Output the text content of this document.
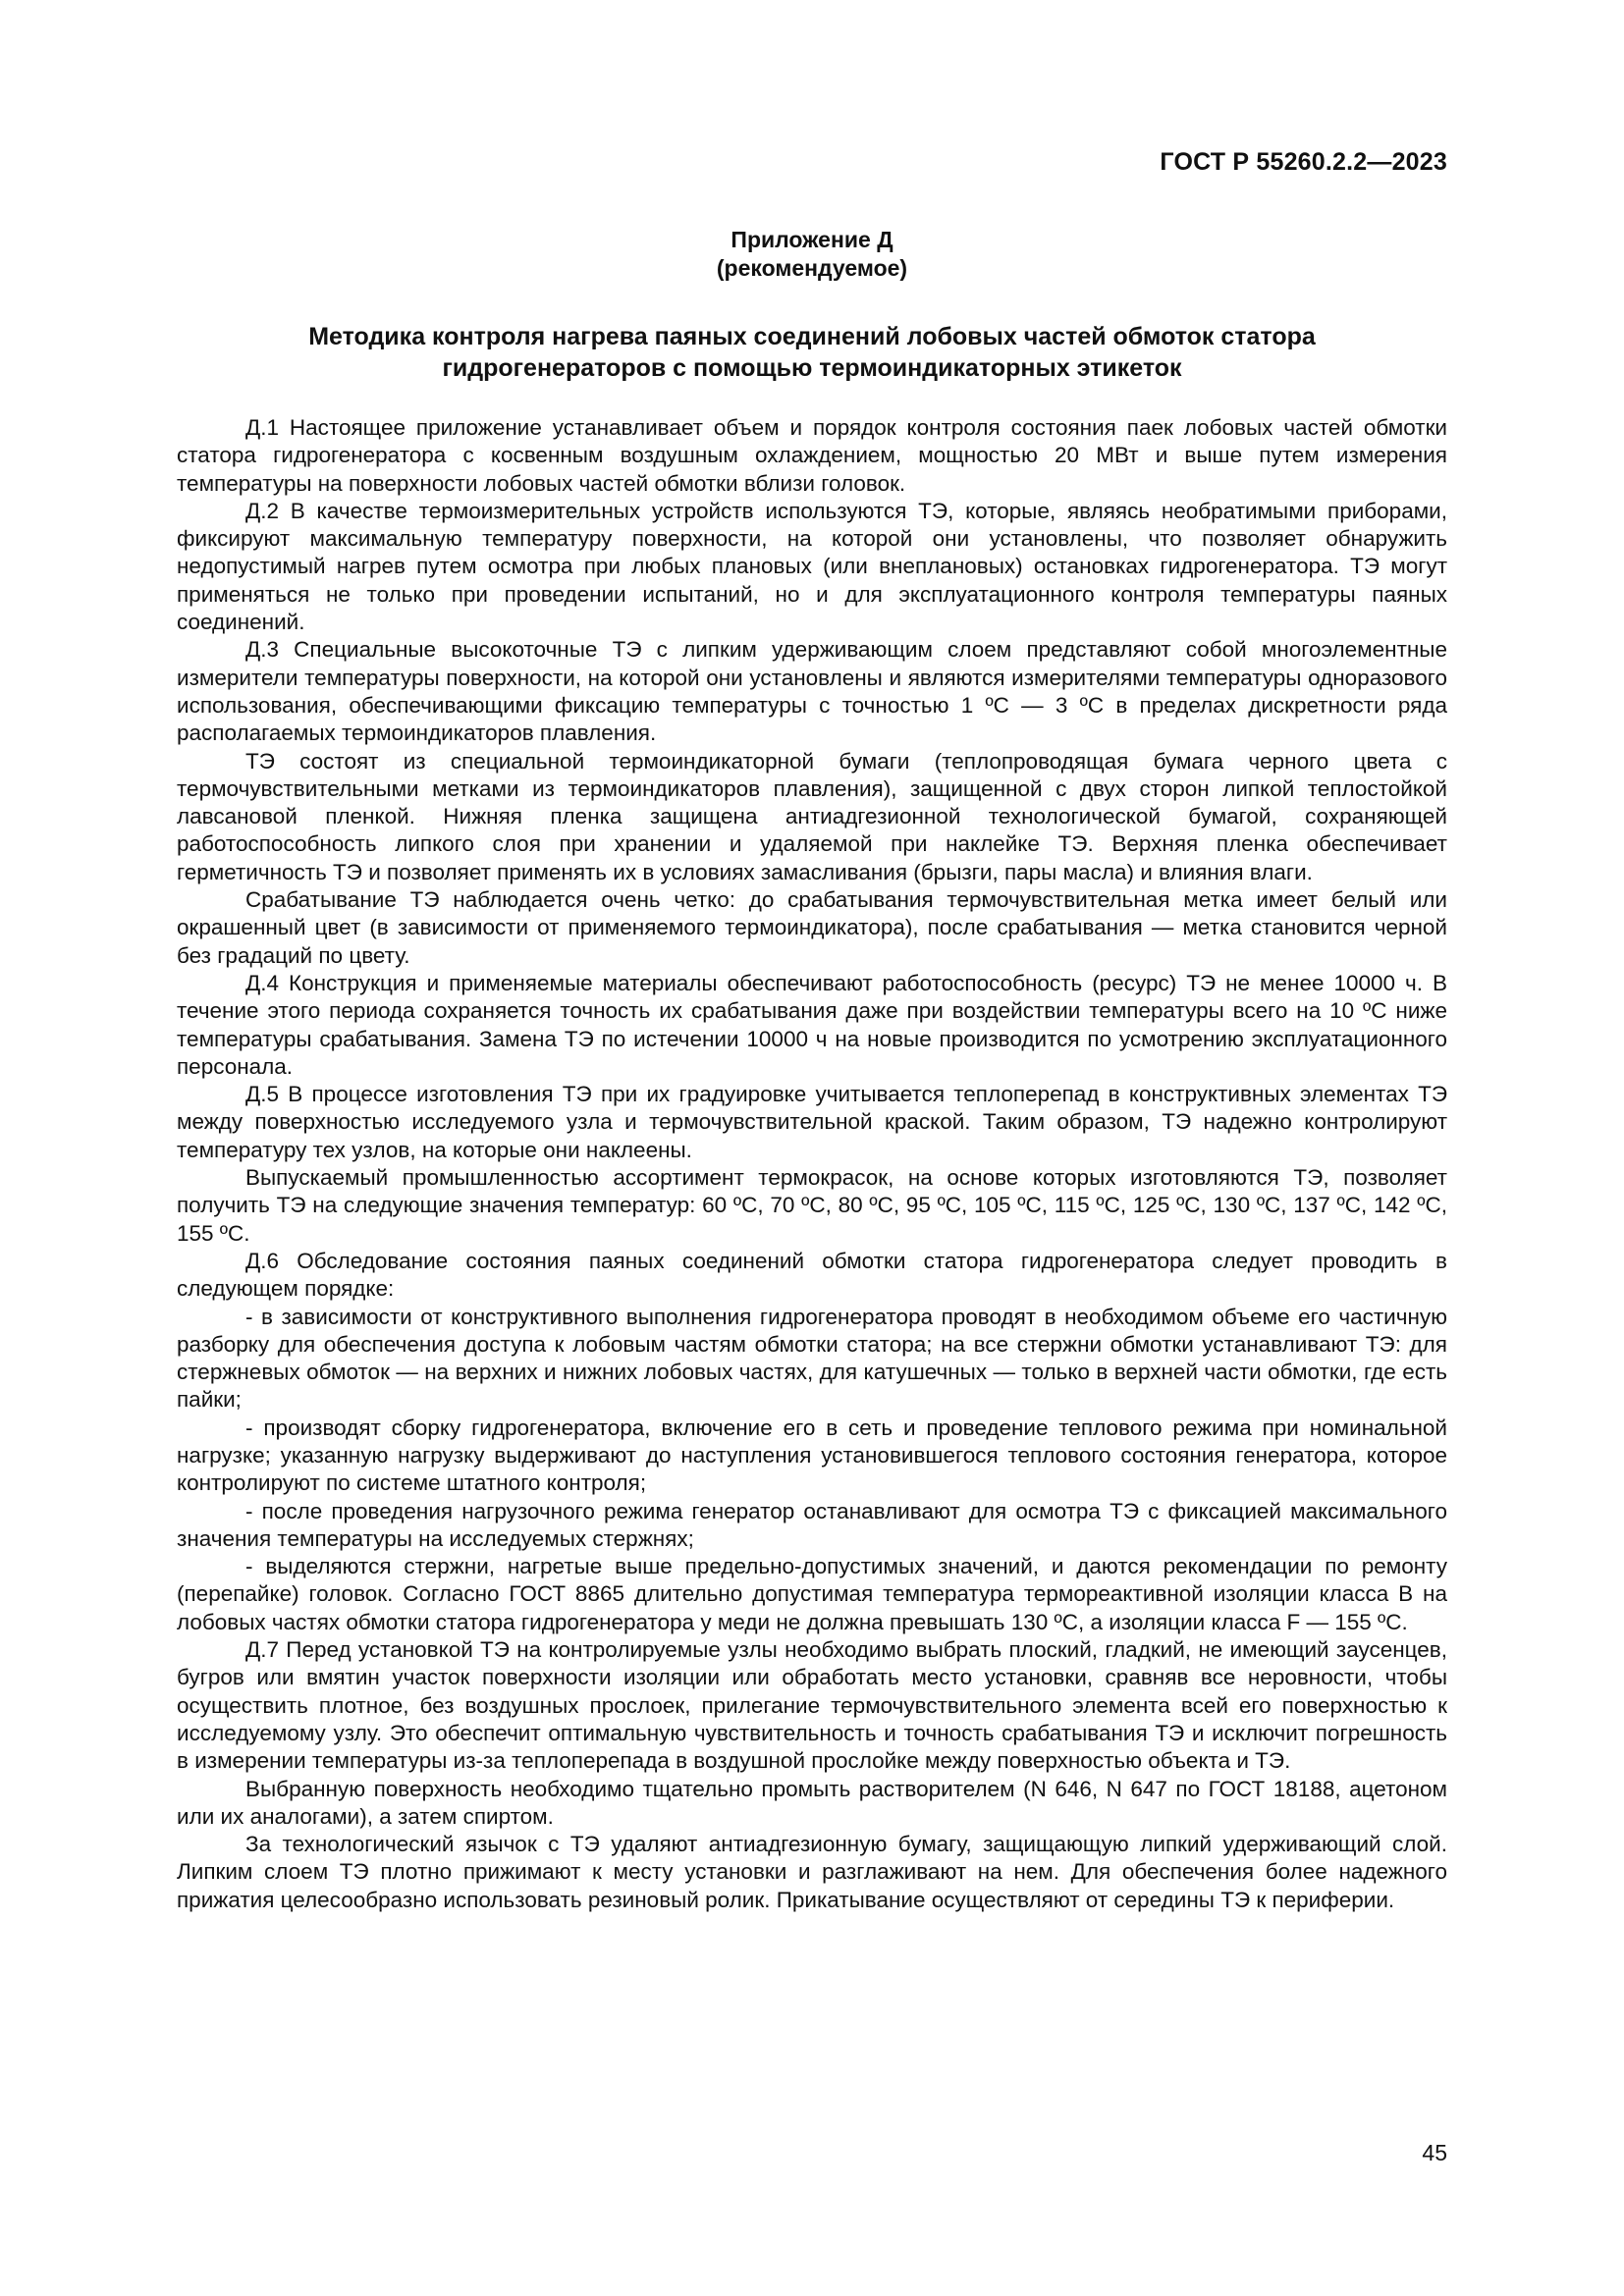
ГОСТ Р 55260.2.2—2023
Приложение Д
(рекомендуемое)
Методика контроля нагрева паяных соединений лобовых частей обмоток статора
гидрогенераторов с помощью термоиндикаторных этикеток

Д.1 Настоящее приложение устанавливает объем и порядок контроля состояния паек лобовых частей обмотки статора гидрогенератора с косвенным воздушным охлаждением, мощностью 20 МВт и выше путем измерения температуры на поверхности лобовых частей обмотки вблизи головок.

Д.2 В качестве термоизмерительных устройств используются ТЭ, которые, являясь необратимыми приборами, фиксируют максимальную температуру поверхности, на которой они установлены, что позволяет обнаружить недопустимый нагрев путем осмотра при любых плановых (или внеплановых) остановках гидрогенератора. ТЭ могут применяться не только при проведении испытаний, но и для эксплуатационного контроля температуры паяных соединений.

Д.3 Специальные высокоточные ТЭ с липким удерживающим слоем представляют собой многоэлементные измерители температуры поверхности, на которой они установлены и являются измерителями температуры одноразового использования, обеспечивающими фиксацию температуры с точностью 1 ºС — 3 ºС в пределах дискретности ряда располагаемых термоиндикаторов плавления.

ТЭ состоят из специальной термоиндикаторной бумаги (теплопроводящая бумага черного цвета с термочувствительными метками из термоиндикаторов плавления), защищенной с двух сторон липкой теплостойкой лавсановой пленкой. Нижняя пленка защищена антиадгезионной технологической бумагой, сохраняющей работоспособность липкого слоя при хранении и удаляемой при наклейке ТЭ. Верхняя пленка обеспечивает герметичность ТЭ и позволяет применять их в условиях замасливания (брызги, пары масла) и влияния влаги.

Срабатывание ТЭ наблюдается очень четко: до срабатывания термочувствительная метка имеет белый или окрашенный цвет (в зависимости от применяемого термоиндикатора), после срабатывания — метка становится черной без градаций по цвету.

Д.4 Конструкция и применяемые материалы обеспечивают работоспособность (ресурс) ТЭ не менее 10000 ч. В течение этого периода сохраняется точность их срабатывания даже при воздействии температуры всего на 10 ºС ниже температуры срабатывания. Замена ТЭ по истечении 10000 ч на новые производится по усмотрению эксплуатационного персонала.

Д.5 В процессе изготовления ТЭ при их градуировке учитывается теплоперепад в конструктивных элементах ТЭ между поверхностью исследуемого узла и термочувствительной краской. Таким образом, ТЭ надежно контролируют температуру тех узлов, на которые они наклеены.

Выпускаемый промышленностью ассортимент термокрасок, на основе которых изготовляются ТЭ, позволяет получить ТЭ на следующие значения температур: 60 ºС, 70 ºС, 80 ºС, 95 ºС, 105 ºС, 115 ºС, 125 ºС, 130 ºС, 137 ºС, 142 ºС, 155 ºС.

Д.6 Обследование состояния паяных соединений обмотки статора гидрогенератора следует проводить в следующем порядке:

- в зависимости от конструктивного выполнения гидрогенератора проводят в необходимом объеме его частичную разборку для обеспечения доступа к лобовым частям обмотки статора; на все стержни обмотки устанавливают ТЭ: для стержневых обмоток — на верхних и нижних лобовых частях, для катушечных — только в верхней части обмотки, где есть пайки;

- производят сборку гидрогенератора, включение его в сеть и проведение теплового режима при номинальной нагрузке; указанную нагрузку выдерживают до наступления установившегося теплового состояния генератора, которое контролируют по системе штатного контроля;

- после проведения нагрузочного режима генератор останавливают для осмотра ТЭ с фиксацией максимального значения температуры на исследуемых стержнях;

- выделяются стержни, нагретые выше предельно-допустимых значений, и даются рекомендации по ремонту (перепайке) головок. Согласно ГОСТ 8865 длительно допустимая температура термореактивной изоляции класса В на лобовых частях обмотки статора гидрогенератора у меди не должна превышать 130 ºС, а изоляции класса F — 155 ºС.

Д.7 Перед установкой ТЭ на контролируемые узлы необходимо выбрать плоский, гладкий, не имеющий заусенцев, бугров или вмятин участок поверхности изоляции или обработать место установки, сравняв все неровности, чтобы осуществить плотное, без воздушных прослоек, прилегание термочувствительного элемента всей его поверхностью к исследуемому узлу. Это обеспечит оптимальную чувствительность и точность срабатывания ТЭ и исключит погрешность в измерении температуры из-за теплоперепада в воздушной прослойке между поверхностью объекта и ТЭ.

Выбранную поверхность необходимо тщательно промыть растворителем (N 646, N 647 по ГОСТ 18188, ацетоном или их аналогами), а затем спиртом.

За технологический язычок с ТЭ удаляют антиадгезионную бумагу, защищающую липкий удерживающий слой. Липким слоем ТЭ плотно прижимают к месту установки и разглаживают на нем. Для обеспечения более надежного прижатия целесообразно использовать резиновый ролик. Прикатывание осуществляют от середины ТЭ к периферии.

45
